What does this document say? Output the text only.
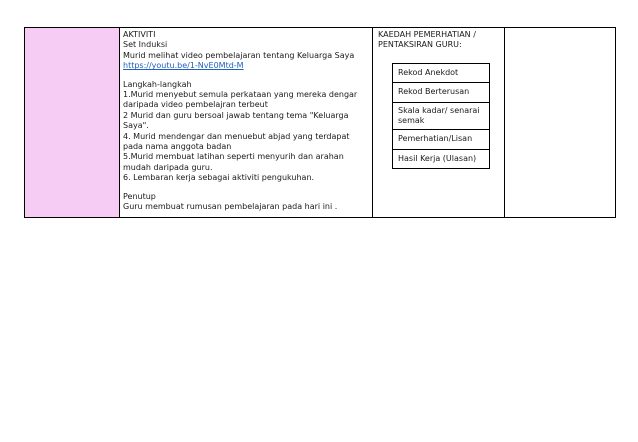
AKTIVITI
Set Induksi
Murid melihat video pembelajaran tentang Keluarga Saya

https://youtu.be/1-NvE0Mtd-M
Langkah-langkah
1.Murid menyebut semula perkataan yang mereka dengar daripada video pembelajran terbeut
2 Murid dan guru bersoal jawab tentang tema "Keluarga Saya".
4. Murid mendengar dan menuebut abjad yang terdapat pada nama anggota badan
5.Murid membuat latihan seperti menyurih dan arahan mudah daripada guru.
6. Lembaran kerja sebagai aktiviti pengukuhan.
Penutup
Guru membuat rumusan pembelajaran pada hari ini .

KAEDAH PEMERHATIAN / PENTAKSIRAN GURU:
Rekod Anekdot
Rekod Berterusan
Skala kadar/ senarai semak
Pemerhatian/Lisan
Hasil Kerja (Ulasan)
